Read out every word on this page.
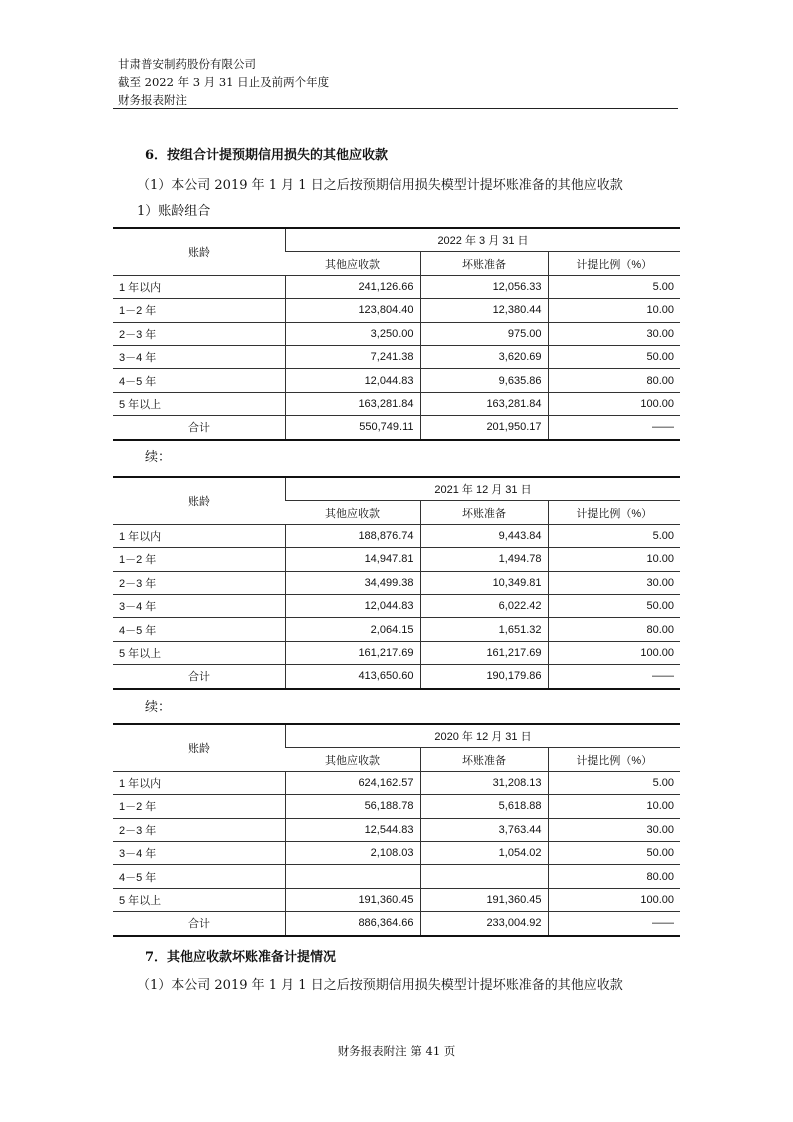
甘肃普安制药股份有限公司
截至 2022 年 3 月 31 日止及前两个年度
财务报表附注
6．按组合计提预期信用损失的其他应收款
（1）本公司 2019 年 1 月 1 日之后按预期信用损失模型计提坏账准备的其他应收款
1）账龄组合
账龄	2022 年 3 月 31 日		
	其他应收款	坏账准备	计提比例（%）
1 年以内	241,126.66	12,056.33	5.00
1－2 年	123,804.40	12,380.44	10.00
2－3 年	3,250.00	975.00	30.00
3－4 年	7,241.38	3,620.69	50.00
4－5 年	12,044.83	9,635.86	80.00
5 年以上	163,281.84	163,281.84	100.00
合计	550,749.11	201,950.17	——
账龄	2021 年 12 月 31 日		
	其他应收款	坏账准备	计提比例（%）
1 年以内	188,876.74	9,443.84	5.00
1－2 年	14,947.81	1,494.78	10.00
2－3 年	34,499.38	10,349.81	30.00
3－4 年	12,044.83	6,022.42	50.00
4－5 年	2,064.15	1,651.32	80.00
5 年以上	161,217.69	161,217.69	100.00
合计	413,650.60	190,179.86	——
账龄	2020 年 12 月 31 日		
	其他应收款	坏账准备	计提比例（%）
1 年以内	624,162.57	31,208.13	5.00
1－2 年	56,188.78	5,618.88	10.00
2－3 年	12,544.83	3,763.44	30.00
3－4 年	2,108.03	1,054.02	50.00
4－5 年			80.00
5 年以上	191,360.45	191,360.45	100.00
合计	886,364.66	233,004.92	——
续：
续：
7．其他应收款坏账准备计提情况
（1）本公司 2019 年 1 月 1 日之后按预期信用损失模型计提坏账准备的其他应收款
财务报表附注 第 41 页
